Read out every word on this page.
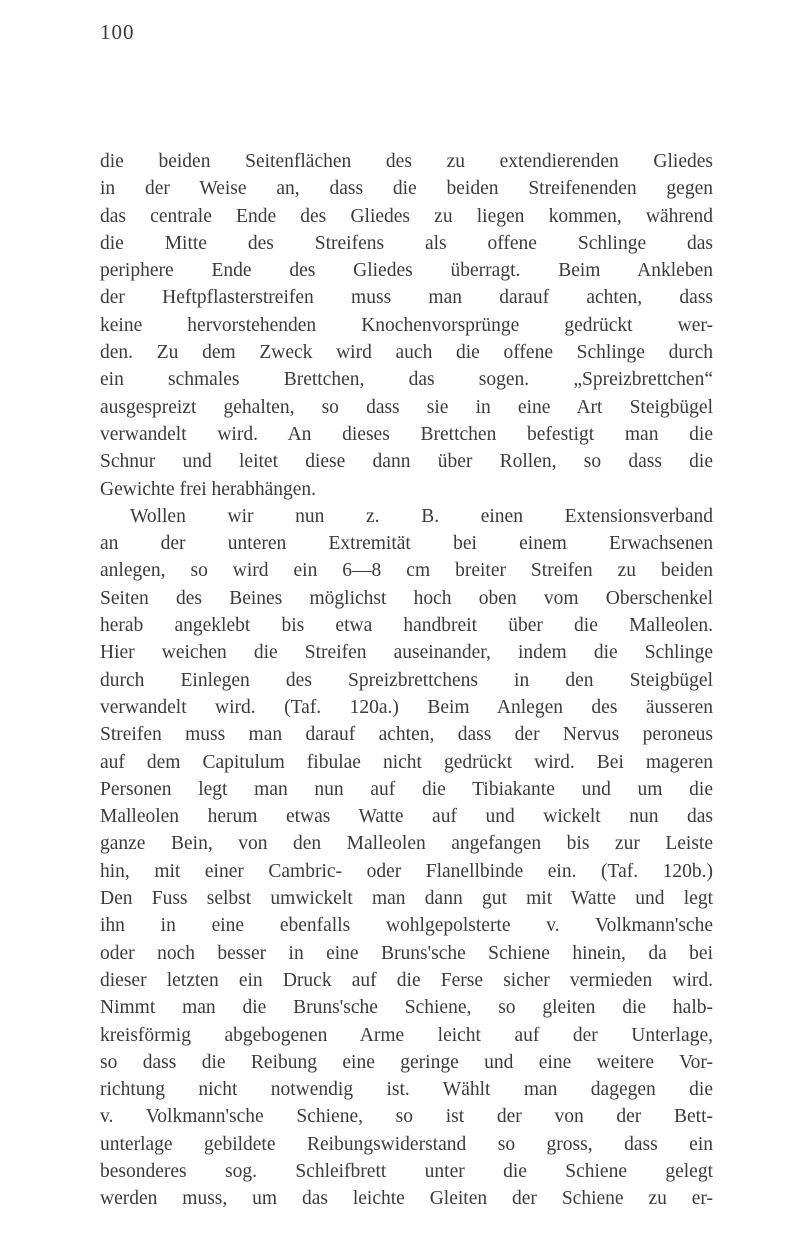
100
die beiden Seitenflächen des zu extendierenden Gliedes
in der Weise an, dass die beiden Streifenenden gegen
das centrale Ende des Gliedes zu liegen kommen, während
die Mitte des Streifens als offene Schlinge das
periphere Ende des Gliedes überragt. Beim Ankleben
der Heftpflasterstreifen muss man darauf achten, dass
keine hervorstehenden Knochenvorsprünge gedrückt wer-
den. Zu dem Zweck wird auch die offene Schlinge durch
ein schmales Brettchen, das sogen. „Spreizbrettchen“
ausgespreizt gehalten, so dass sie in eine Art Steigbügel
verwandelt wird. An dieses Brettchen befestigt man die
Schnur und leitet diese dann über Rollen, so dass die
Gewichte frei herabhängen.
Wollen wir nun z. B. einen Extensionsverband
an der unteren Extremität bei einem Erwachsenen
anlegen, so wird ein 6—8 cm breiter Streifen zu beiden
Seiten des Beines möglichst hoch oben vom Oberschenkel
herab angeklebt bis etwa handbreit über die Malleolen.
Hier weichen die Streifen auseinander, indem die Schlinge
durch Einlegen des Spreizbrettchens in den Steigbügel
verwandelt wird. (Taf. 120a.) Beim Anlegen des äusseren
Streifen muss man darauf achten, dass der Nervus peroneus
auf dem Capitulum fibulae nicht gedrückt wird. Bei mageren
Personen legt man nun auf die Tibiakante und um die
Malleolen herum etwas Watte auf und wickelt nun das
ganze Bein, von den Malleolen angefangen bis zur Leiste
hin, mit einer Cambric- oder Flanellbinde ein. (Taf. 120b.)
Den Fuss selbst umwickelt man dann gut mit Watte und legt
ihn in eine ebenfalls wohlgepolsterte v. Volkmann'sche
oder noch besser in eine Bruns'sche Schiene hinein, da bei
dieser letzten ein Druck auf die Ferse sicher vermieden wird.
Nimmt man die Bruns'sche Schiene, so gleiten die halb-
kreisförmig abgebogenen Arme leicht auf der Unterlage,
so dass die Reibung eine geringe und eine weitere Vor-
richtung nicht notwendig ist. Wählt man dagegen die
v. Volkmann'sche Schiene, so ist der von der Bett-
unterlage gebildete Reibungswiderstand so gross, dass ein
besonderes sog. Schleifbrett unter die Schiene gelegt
werden muss, um das leichte Gleiten der Schiene zu er-
